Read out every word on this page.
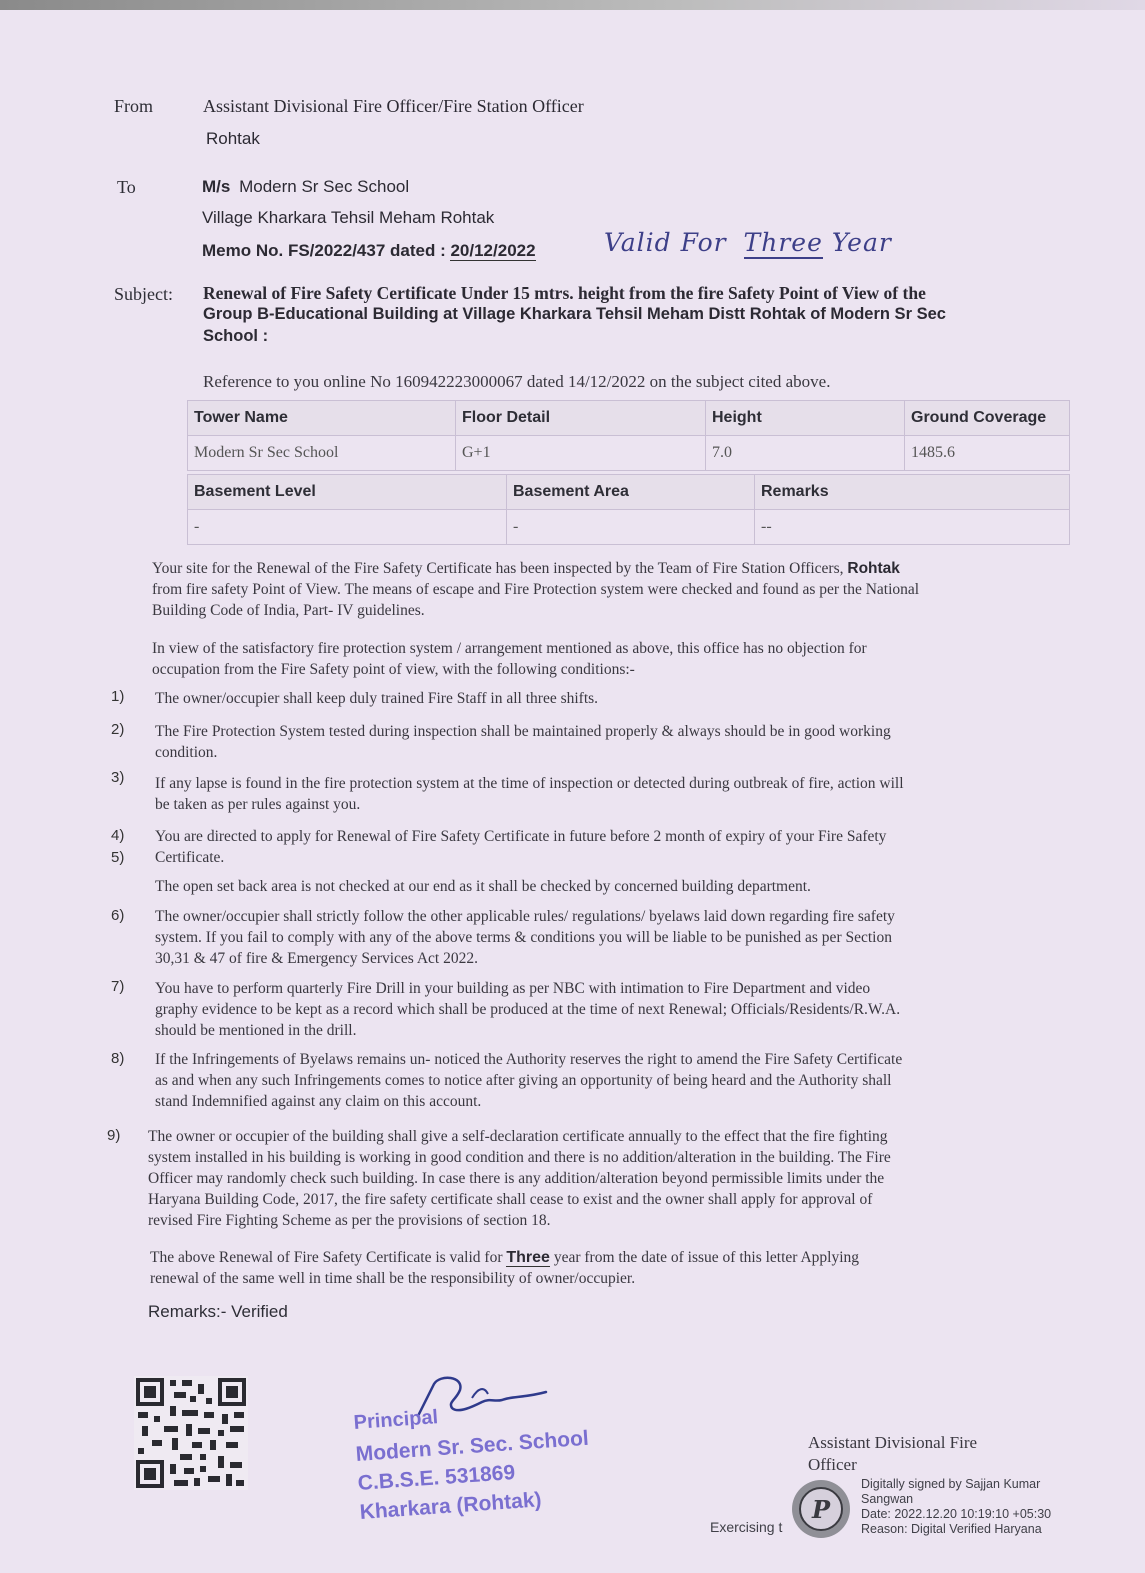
From	Assistant Divisional Fire Officer/Fire Station Officer
Rohtak
To	M/s Modern Sr Sec School
Village Kharkara Tehsil Meham Rohtak
Memo No. FS/2022/437 dated : 20/12/2022	Valid For Three Year
Subject: Renewal of Fire Safety Certificate Under 15 mtrs. height from the fire Safety Point of View of the
Group B-Educational Building at Village Kharkara Tehsil Meham Distt Rohtak of Modern Sr Sec
School :
Reference to you online No 160942223000067 dated 14/12/2022 on the subject cited above.
Tower Name	Floor Detail	Height	Ground Coverage
Modern Sr Sec School	G+1	7.0	1485.6
Basement Level	Basement Area	Remarks
-	-	--
Your site for the Renewal of the Fire Safety Certificate has been inspected by the Team of Fire Station Officers, Rohtak
from fire safety Point of View. The means of escape and Fire Protection system were checked and found as per the National
Building Code of India, Part- IV guidelines.
In view of the satisfactory fire protection system / arrangement mentioned as above, this office has no objection for
occupation from the Fire Safety point of view, with the following conditions:-
1)
2)
3)
4)
5)
6)
7)
8)
9)
The owner/occupier shall keep duly trained Fire Staff in all three shifts.
The Fire Protection System tested during inspection shall be maintained properly & always should be in good working
condition.
If any lapse is found in the fire protection system at the time of inspection or detected during outbreak of fire, action will
be taken as per rules against you.
You are directed to apply for Renewal of Fire Safety Certificate in future before 2 month of expiry of your Fire Safety
Certificate.
The open set back area is not checked at our end as it shall be checked by concerned building department.
The owner/occupier shall strictly follow the other applicable rules/ regulations/ byelaws laid down regarding fire safety
system. If you fail to comply with any of the above terms & conditions you will be liable to be punished as per Section
30,31 & 47 of fire & Emergency Services Act 2022.
You have to perform quarterly Fire Drill in your building as per NBC with intimation to Fire Department and video
graphy evidence to be kept as a record which shall be produced at the time of next Renewal; Officials/Residents/R.W.A.
should be mentioned in the drill.
If the Infringements of Byelaws remains un- noticed the Authority reserves the right to amend the Fire Safety Certificate
as and when any such Infringements comes to notice after giving an opportunity of being heard and the Authority shall
stand Indemnified against any claim on this account.
The owner or occupier of the building shall give a self-declaration certificate annually to the effect that the fire fighting
system installed in his building is working in good condition and there is no addition/alteration in the building. The Fire
Officer may randomly check such building. In case there is any addition/alteration beyond permissible limits under the
Haryana Building Code, 2017, the fire safety certificate shall cease to exist and the owner shall apply for approval of
revised Fire Fighting Scheme as per the provisions of section 18.
The above Renewal of Fire Safety Certificate is valid for Three year from the date of issue of this letter Applying
renewal of the same well in time shall be the responsibility of owner/occupier.
Remarks:- Verified
Principal
Modern Sr. Sec. School
C.B.S.E. 531869
Kharkara (Rohtak)
Assistant Divisional Fire
Officer
P
Digitally signed by Sajjan Kumar
Sangwan
Date: 2022.12.20 10:19:10 +05:30
Reason: Digital Verified Haryana
Exercising t
